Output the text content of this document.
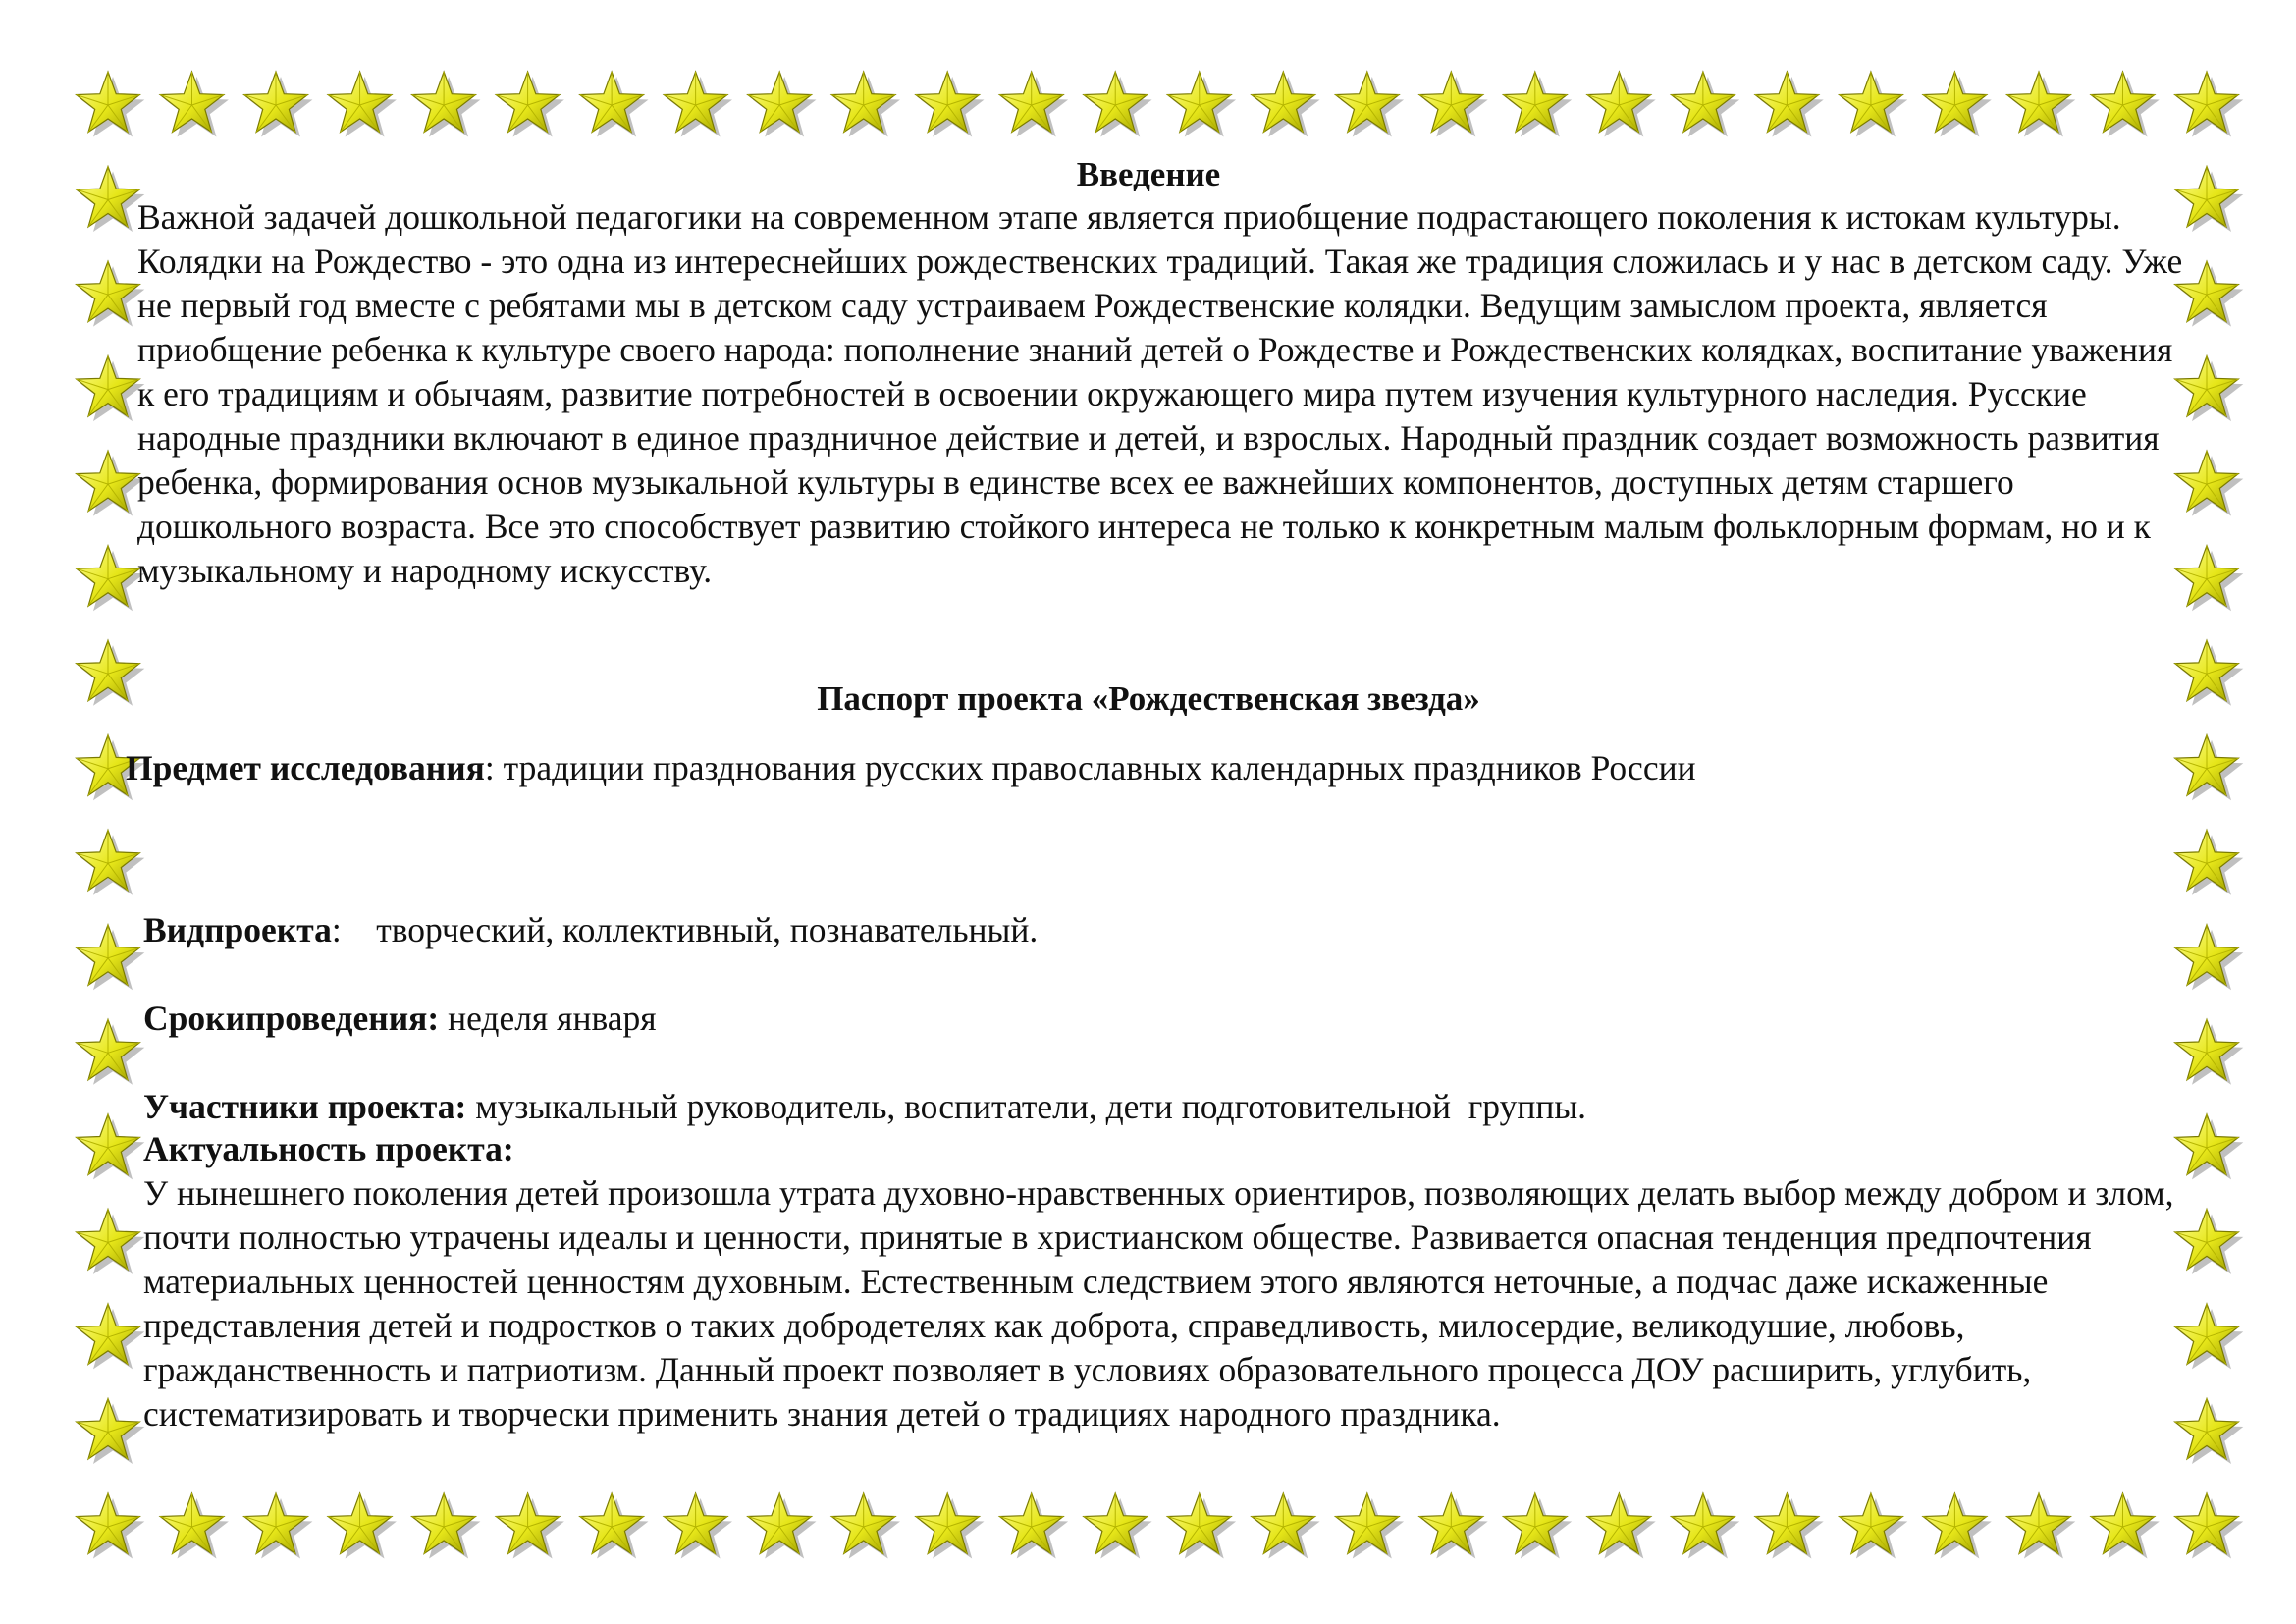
Введение

Важной задачей дошкольной педагогики на современном этапе является приобщение подрастающего поколения к истокам культуры. Колядки на Рождество - это одна из интереснейших рождественских традиций. Такая же традиция сложилась и у нас в детском саду. Уже не первый год вместе с ребятами мы в детском саду устраиваем Рождественские колядки. Ведущим замыслом проекта, является приобщение ребенка к культуре своего народа: пополнение знаний детей о Рождестве и Рождественских колядках, воспитание уважения к его традициям и обычаям, развитие потребностей в освоении окружающего мира путем изучения культурного наследия. Русские народные праздники включают в единое праздничное действие и детей, и взрослых. Народный праздник создает возможность развития ребенка, формирования основ музыкальной культуры в единстве всех ее важнейших компонентов, доступных детям старшего дошкольного возраста. Все это способствует развитию стойкого интереса не только к конкретным малым фольклорным формам, но и к музыкальному и народному искусству.

Паспорт проекта «Рождественская звезда»

Предмет исследования: традиции празднования русских православных календарных праздников России

Видпроекта:    творческий, коллективный, познавательный.

Срокипроведения: неделя января

Участники проекта: музыкальный руководитель, воспитатели, дети подготовительной  группы.

Актуальность проекта:

У нынешнего поколения детей произошла утрата духовно-нравственных ориентиров, позволяющих делать выбор между добром и злом, почти полностью утрачены идеалы и ценности, принятые в христианском обществе. Развивается опасная тенденция предпочтения материальных ценностей ценностям духовным. Естественным следствием этого являются неточные, а подчас даже искаженные представления детей и подростков о таких добродетелях как доброта, справедливость, милосердие, великодушие, любовь, гражданственность и патриотизм. Данный проект позволяет в условиях образовательного процесса ДОУ расширить, углубить, систематизировать и творчески применить знания детей о традициях народного праздника.
